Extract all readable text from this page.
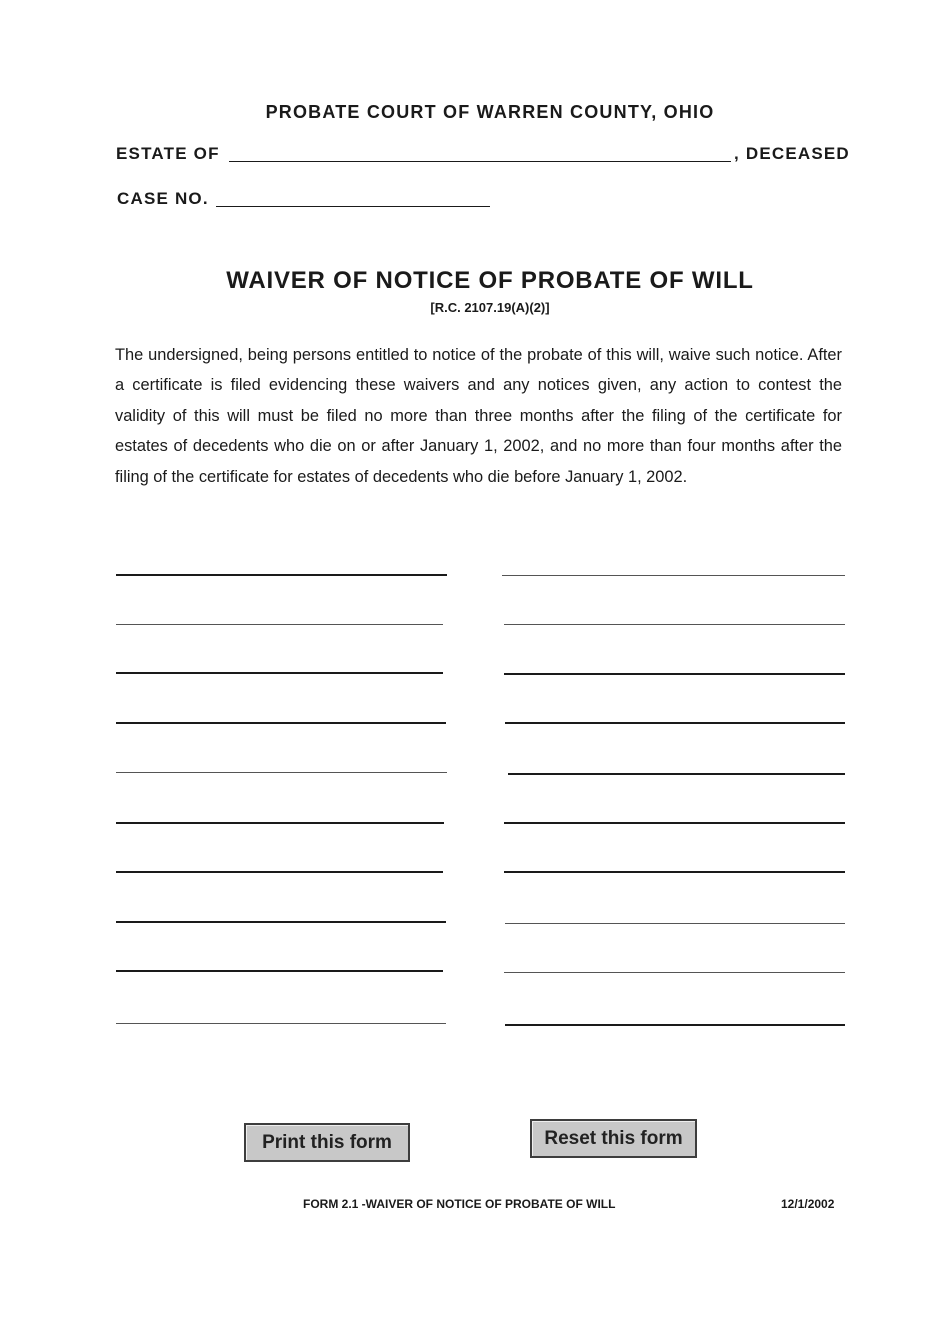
PROBATE COURT OF WARREN COUNTY, OHIO
ESTATE OF	, DECEASED
CASE NO.
WAIVER OF NOTICE OF PROBATE OF WILL
[R.C. 2107.19(A)(2)]
The undersigned, being persons entitled to notice of the probate of this will, waive such notice. After a certificate is filed evidencing these waivers and any notices given, any action to contest the validity of this will must be filed no more than three months after the filing of the certificate for estates of decedents who die on or after January 1, 2002, and no more than four months after the filing of the certificate for estates of decedents who die before January 1, 2002.
Print this form	Reset this form
FORM 2.1 -WAIVER OF NOTICE OF PROBATE OF WILL	12/1/2002
